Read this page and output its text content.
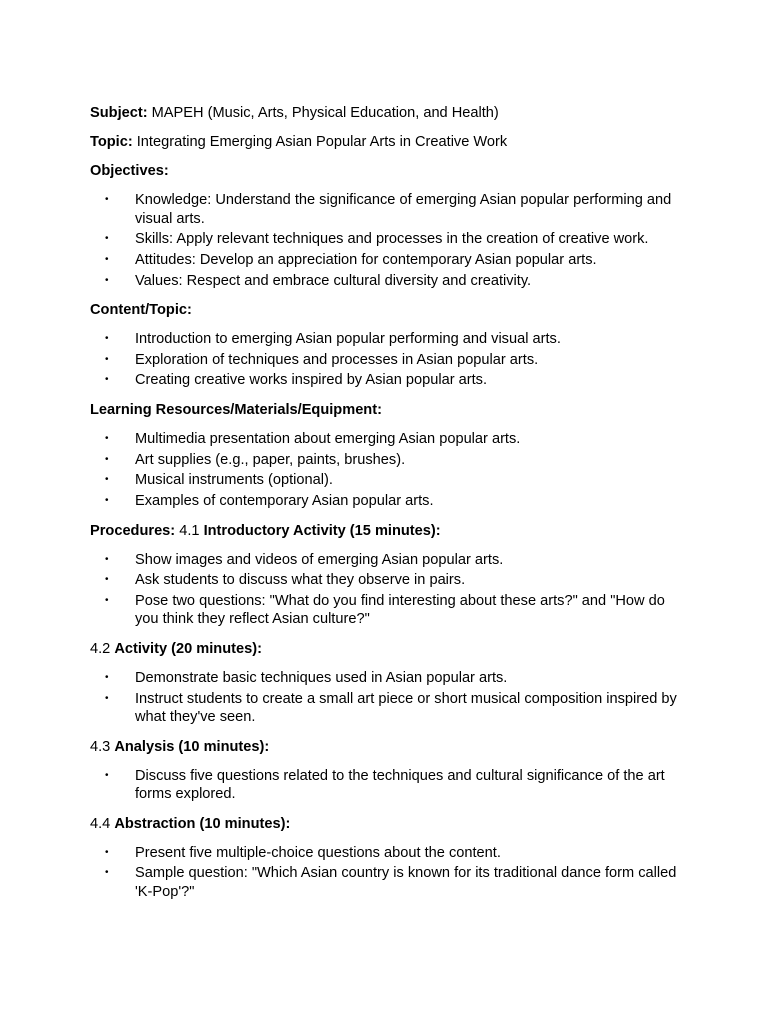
Subject: MAPEH (Music, Arts, Physical Education, and Health)

Topic: Integrating Emerging Asian Popular Arts in Creative Work

Objectives:

• Knowledge: Understand the significance of emerging Asian popular performing and visual arts.
• Skills: Apply relevant techniques and processes in the creation of creative work.
• Attitudes: Develop an appreciation for contemporary Asian popular arts.
• Values: Respect and embrace cultural diversity and creativity.

Content/Topic:

• Introduction to emerging Asian popular performing and visual arts.
• Exploration of techniques and processes in Asian popular arts.
• Creating creative works inspired by Asian popular arts.

Learning Resources/Materials/Equipment:

• Multimedia presentation about emerging Asian popular arts.
• Art supplies (e.g., paper, paints, brushes).
• Musical instruments (optional).
• Examples of contemporary Asian popular arts.

Procedures: 4.1 Introductory Activity (15 minutes):

• Show images and videos of emerging Asian popular arts.
• Ask students to discuss what they observe in pairs.
• Pose two questions: "What do you find interesting about these arts?" and "How do you think they reflect Asian culture?"

4.2 Activity (20 minutes):

• Demonstrate basic techniques used in Asian popular arts.
• Instruct students to create a small art piece or short musical composition inspired by what they've seen.

4.3 Analysis (10 minutes):

• Discuss five questions related to the techniques and cultural significance of the art forms explored.

4.4 Abstraction (10 minutes):

• Present five multiple-choice questions about the content.
• Sample question: "Which Asian country is known for its traditional dance form called 'K-Pop'?"
